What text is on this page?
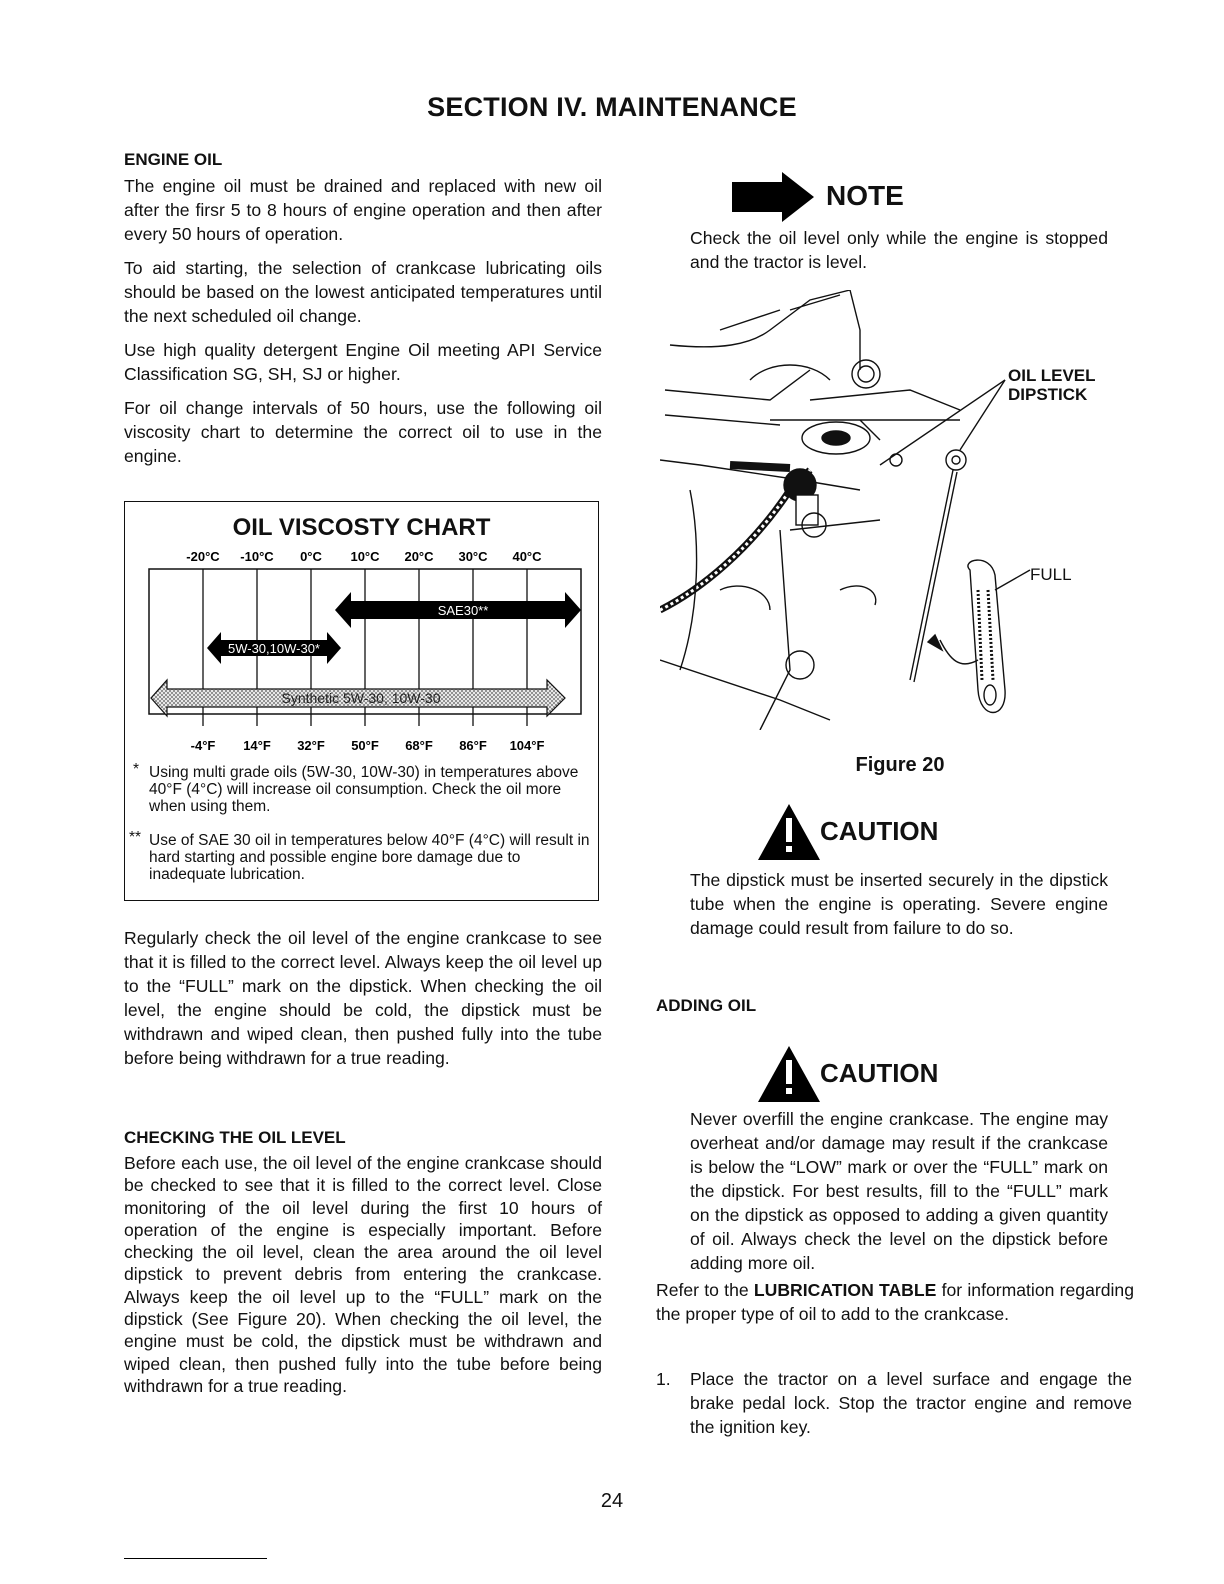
SECTION IV. MAINTENANCE
ENGINE OIL

The engine oil must be drained and replaced with new oil after the firsr 5 to 8 hours of engine operation and then after every 50 hours of operation.

To aid starting, the selection of crankcase lubricating oils should be based on the lowest anticipated temperatures until the next scheduled oil change.

Use high quality detergent Engine Oil meeting API Service Classification SG, SH, SJ or higher.

For oil change intervals of 50 hours, use the following oil viscosity chart to determine the correct oil to use in the engine.

OIL VISCOSTY CHART
-20°C -10°C 0°C 10°C 20°C 30°C 40°C
-4°F 14°F 32°F 50°F 68°F 86°F 104°F
SAE30**
5W-30,10W-30*
Synthetic 5W-30, 10W-30
* Using multi grade oils (5W-30, 10W-30) in temperatures above 40°F (4°C) will increase oil consumption. Check the oil more when using them.
** Use of SAE 30 oil in temperatures below 40°F (4°C) will result in hard starting and possible engine bore damage due to inadequate lubrication.

Regularly check the oil level of the engine crankcase to see that it is filled to the correct level. Always keep the oil level up to the “FULL” mark on the dipstick. When checking the oil level, the engine should be cold, the dipstick must be withdrawn and wiped clean, then pushed fully into the tube before being withdrawn for a true reading.

CHECKING THE OIL LEVEL

Before each use, the oil level of the engine crankcase should be checked to see that it is filled to the correct level. Close monitoring of the oil level during the first 10 hours of operation of the engine is especially important. Before checking the oil level, clean the area around the oil level dipstick to prevent debris from entering the crankcase. Always keep the oil level up to the “FULL” mark on the dipstick (See Figure 20). When checking the oil level, the engine must be cold, the dipstick must be withdrawn and wiped clean, then pushed fully into the tube before being withdrawn for a true reading.

NOTE

Check the oil level only while the engine is stopped and the tractor is level.

OIL LEVEL
DIPSTICK
FULL
Figure 20
CAUTION

The dipstick must be inserted securely in the dipstick tube when the engine is operating. Severe engine damage could result from failure to do so.

ADDING OIL
CAUTION

Never overfill the engine crankcase. The engine may overheat and/or damage may result if the crankcase is below the “LOW” mark or over the “FULL” mark on the dipstick. For best results, fill to the “FULL” mark on the dipstick as opposed to adding a given quantity of oil. Always check the level on the dipstick before adding more oil.

Refer to the LUBRICATION TABLE for information regarding the proper type of oil to add to the crankcase.

1. Place the tractor on a level surface and engage the brake pedal lock. Stop the tractor engine and remove the ignition key.
24
